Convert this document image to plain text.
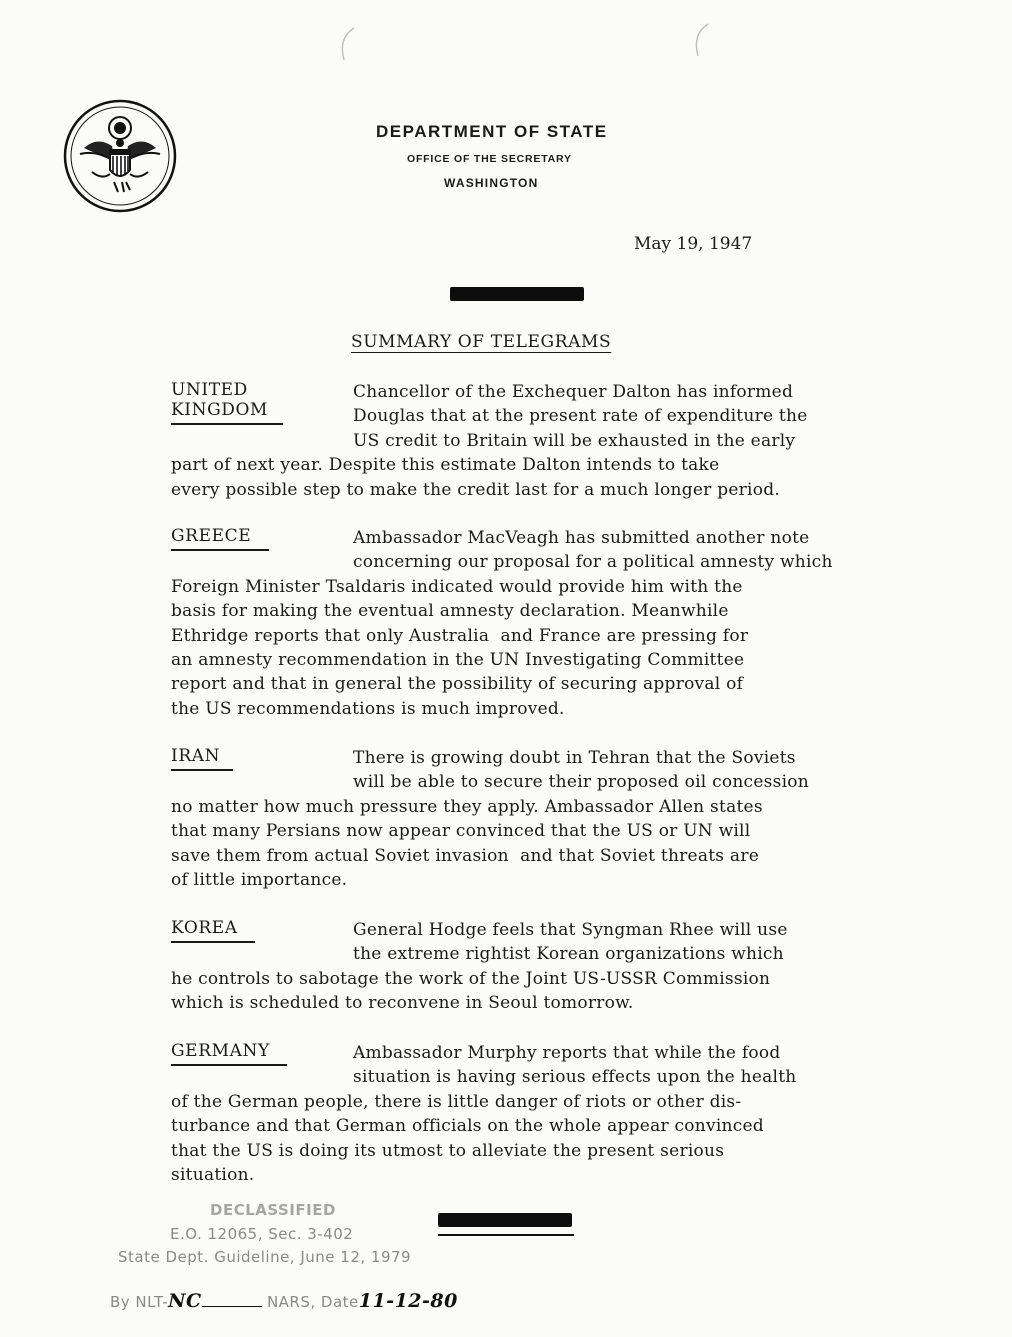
DEPARTMENT OF STATE
OFFICE OF THE SECRETARY
WASHINGTON
May 19, 1947
SUMMARY OF TELEGRAMS
UNITED
KINGDOM
Chancellor of the Exchequer Dalton has informed
Douglas that at the present rate of expenditure the
US credit to Britain will be exhausted in the early
part of next year. Despite this estimate Dalton intends to take
every possible step to make the credit last for a much longer period.
GREECE	Ambassador MacVeagh has submitted another note
concerning our proposal for a political amnesty which
Foreign Minister Tsaldaris indicated would provide him with the
basis for making the eventual amnesty declaration. Meanwhile
Ethridge reports that only Australia  and France are pressing for
an amnesty recommendation in the UN Investigating Committee
report and that in general the possibility of securing approval of
the US recommendations is much improved.
IRAN	There is growing doubt in Tehran that the Soviets
will be able to secure their proposed oil concession
no matter how much pressure they apply. Ambassador Allen states
that many Persians now appear convinced that the US or UN will
save them from actual Soviet invasion  and that Soviet threats are
of little importance.
KOREA	General Hodge feels that Syngman Rhee will use
the extreme rightist Korean organizations which
he controls to sabotage the work of the Joint US-USSR Commission
which is scheduled to reconvene in Seoul tomorrow.
GERMANY	Ambassador Murphy reports that while the food
situation is having serious effects upon the health
of the German people, there is little danger of riots or other dis-
turbance and that German officials on the whole appear convinced
that the US is doing its utmost to alleviate the present serious
situation.
DECLASSIFIED
E.O. 12065, Sec. 3-402
State Dept. Guideline, June 12, 1979
By NLT-NC	NARS, Date11-12-80
